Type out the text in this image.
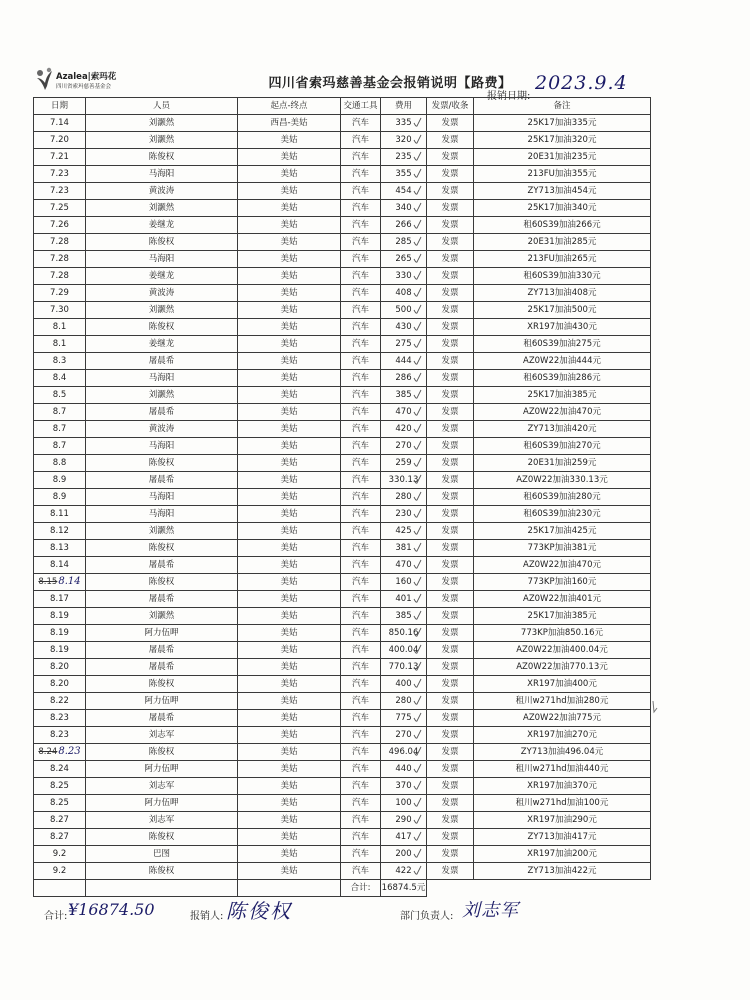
Azalea|索玛花
四川省索玛慈善基金会	四川省索玛慈善基金会报销说明【路费】
报销日期:
2023.9.4
日期	人员	起点-终点	交通工具	费用	发票/收条	备注
7.14	刘灏然	西昌-美姑	汽车	335	发票	25K17加油335元
7.20	刘灏然	美姑	汽车	320	发票	25K17加油320元
7.21	陈俊权	美姑	汽车	235	发票	20E31加油235元
7.23	马海阳	美姑	汽车	355	发票	213FU加油355元
7.23	黄波涛	美姑	汽车	454	发票	ZY713加油454元
7.25	刘灏然	美姑	汽车	340	发票	25K17加油340元
7.26	姜继龙	美姑	汽车	266	发票	租60S39加油266元
7.28	陈俊权	美姑	汽车	285	发票	20E31加油285元
7.28	马海阳	美姑	汽车	265	发票	213FU加油265元
7.28	姜继龙	美姑	汽车	330	发票	租60S39加油330元
7.29	黄波涛	美姑	汽车	408	发票	ZY713加油408元
7.30	刘灏然	美姑	汽车	500	发票	25K17加油500元
8.1	陈俊权	美姑	汽车	430	发票	XR197加油430元
8.1	姜继龙	美姑	汽车	275	发票	租60S39加油275元
8.3	屠晨希	美姑	汽车	444	发票	AZ0W22加油444元
8.4	马海阳	美姑	汽车	286	发票	租60S39加油286元
8.5	刘灏然	美姑	汽车	385	发票	25K17加油385元
8.7	屠晨希	美姑	汽车	470	发票	AZ0W22加油470元
8.7	黄波涛	美姑	汽车	420	发票	ZY713加油420元
8.7	马海阳	美姑	汽车	270	发票	租60S39加油270元
8.8	陈俊权	美姑	汽车	259	发票	20E31加油259元
8.9	屠晨希	美姑	汽车	330.13	发票	AZ0W22加油330.13元
8.9	马海阳	美姑	汽车	280	发票	租60S39加油280元
8.11	马海阳	美姑	汽车	230	发票	租60S39加油230元
8.12	刘灏然	美姑	汽车	425	发票	25K17加油425元
8.13	陈俊权	美姑	汽车	381	发票	773KP加油381元
8.14	屠晨希	美姑	汽车	470	发票	AZ0W22加油470元
8.158.14	陈俊权	美姑	汽车	160	发票	773KP加油160元
8.17	屠晨希	美姑	汽车	401	发票	AZ0W22加油401元
8.19	刘灏然	美姑	汽车	385	发票	25K17加油385元
8.19	阿力伍呷	美姑	汽车	850.16	发票	773KP加油850.16元
8.19	屠晨希	美姑	汽车	400.04	发票	AZ0W22加油400.04元
8.20	屠晨希	美姑	汽车	770.13	发票	AZ0W22加油770.13元
8.20	陈俊权	美姑	汽车	400	发票	XR197加油400元
8.22	阿力伍呷	美姑	汽车	280	发票	租川w271hd加油280元
8.23	屠晨希	美姑	汽车	775	发票	AZ0W22加油775元
8.23	刘志军	美姑	汽车	270	发票	XR197加油270元
8.248.23	陈俊权	美姑	汽车	496.04	发票	ZY713加油496.04元
8.24	阿力伍呷	美姑	汽车	440	发票	租川w271hd加油440元
8.25	刘志军	美姑	汽车	370	发票	XR197加油370元
8.25	阿力伍呷	美姑	汽车	100	发票	租川w271hd加油100元
8.27	刘志军	美姑	汽车	290	发票	XR197加油290元
8.27	陈俊权	美姑	汽车	417	发票	ZY713加油417元
9.2	巴图	美姑	汽车	200	发票	XR197加油200元
9.2	陈俊权	美姑	汽车	422	发票	ZY713加油422元
			合计:	16874.5元		
合计: ¥16874.50	报销人: 陈俊权	部门负责人: 刘志军
